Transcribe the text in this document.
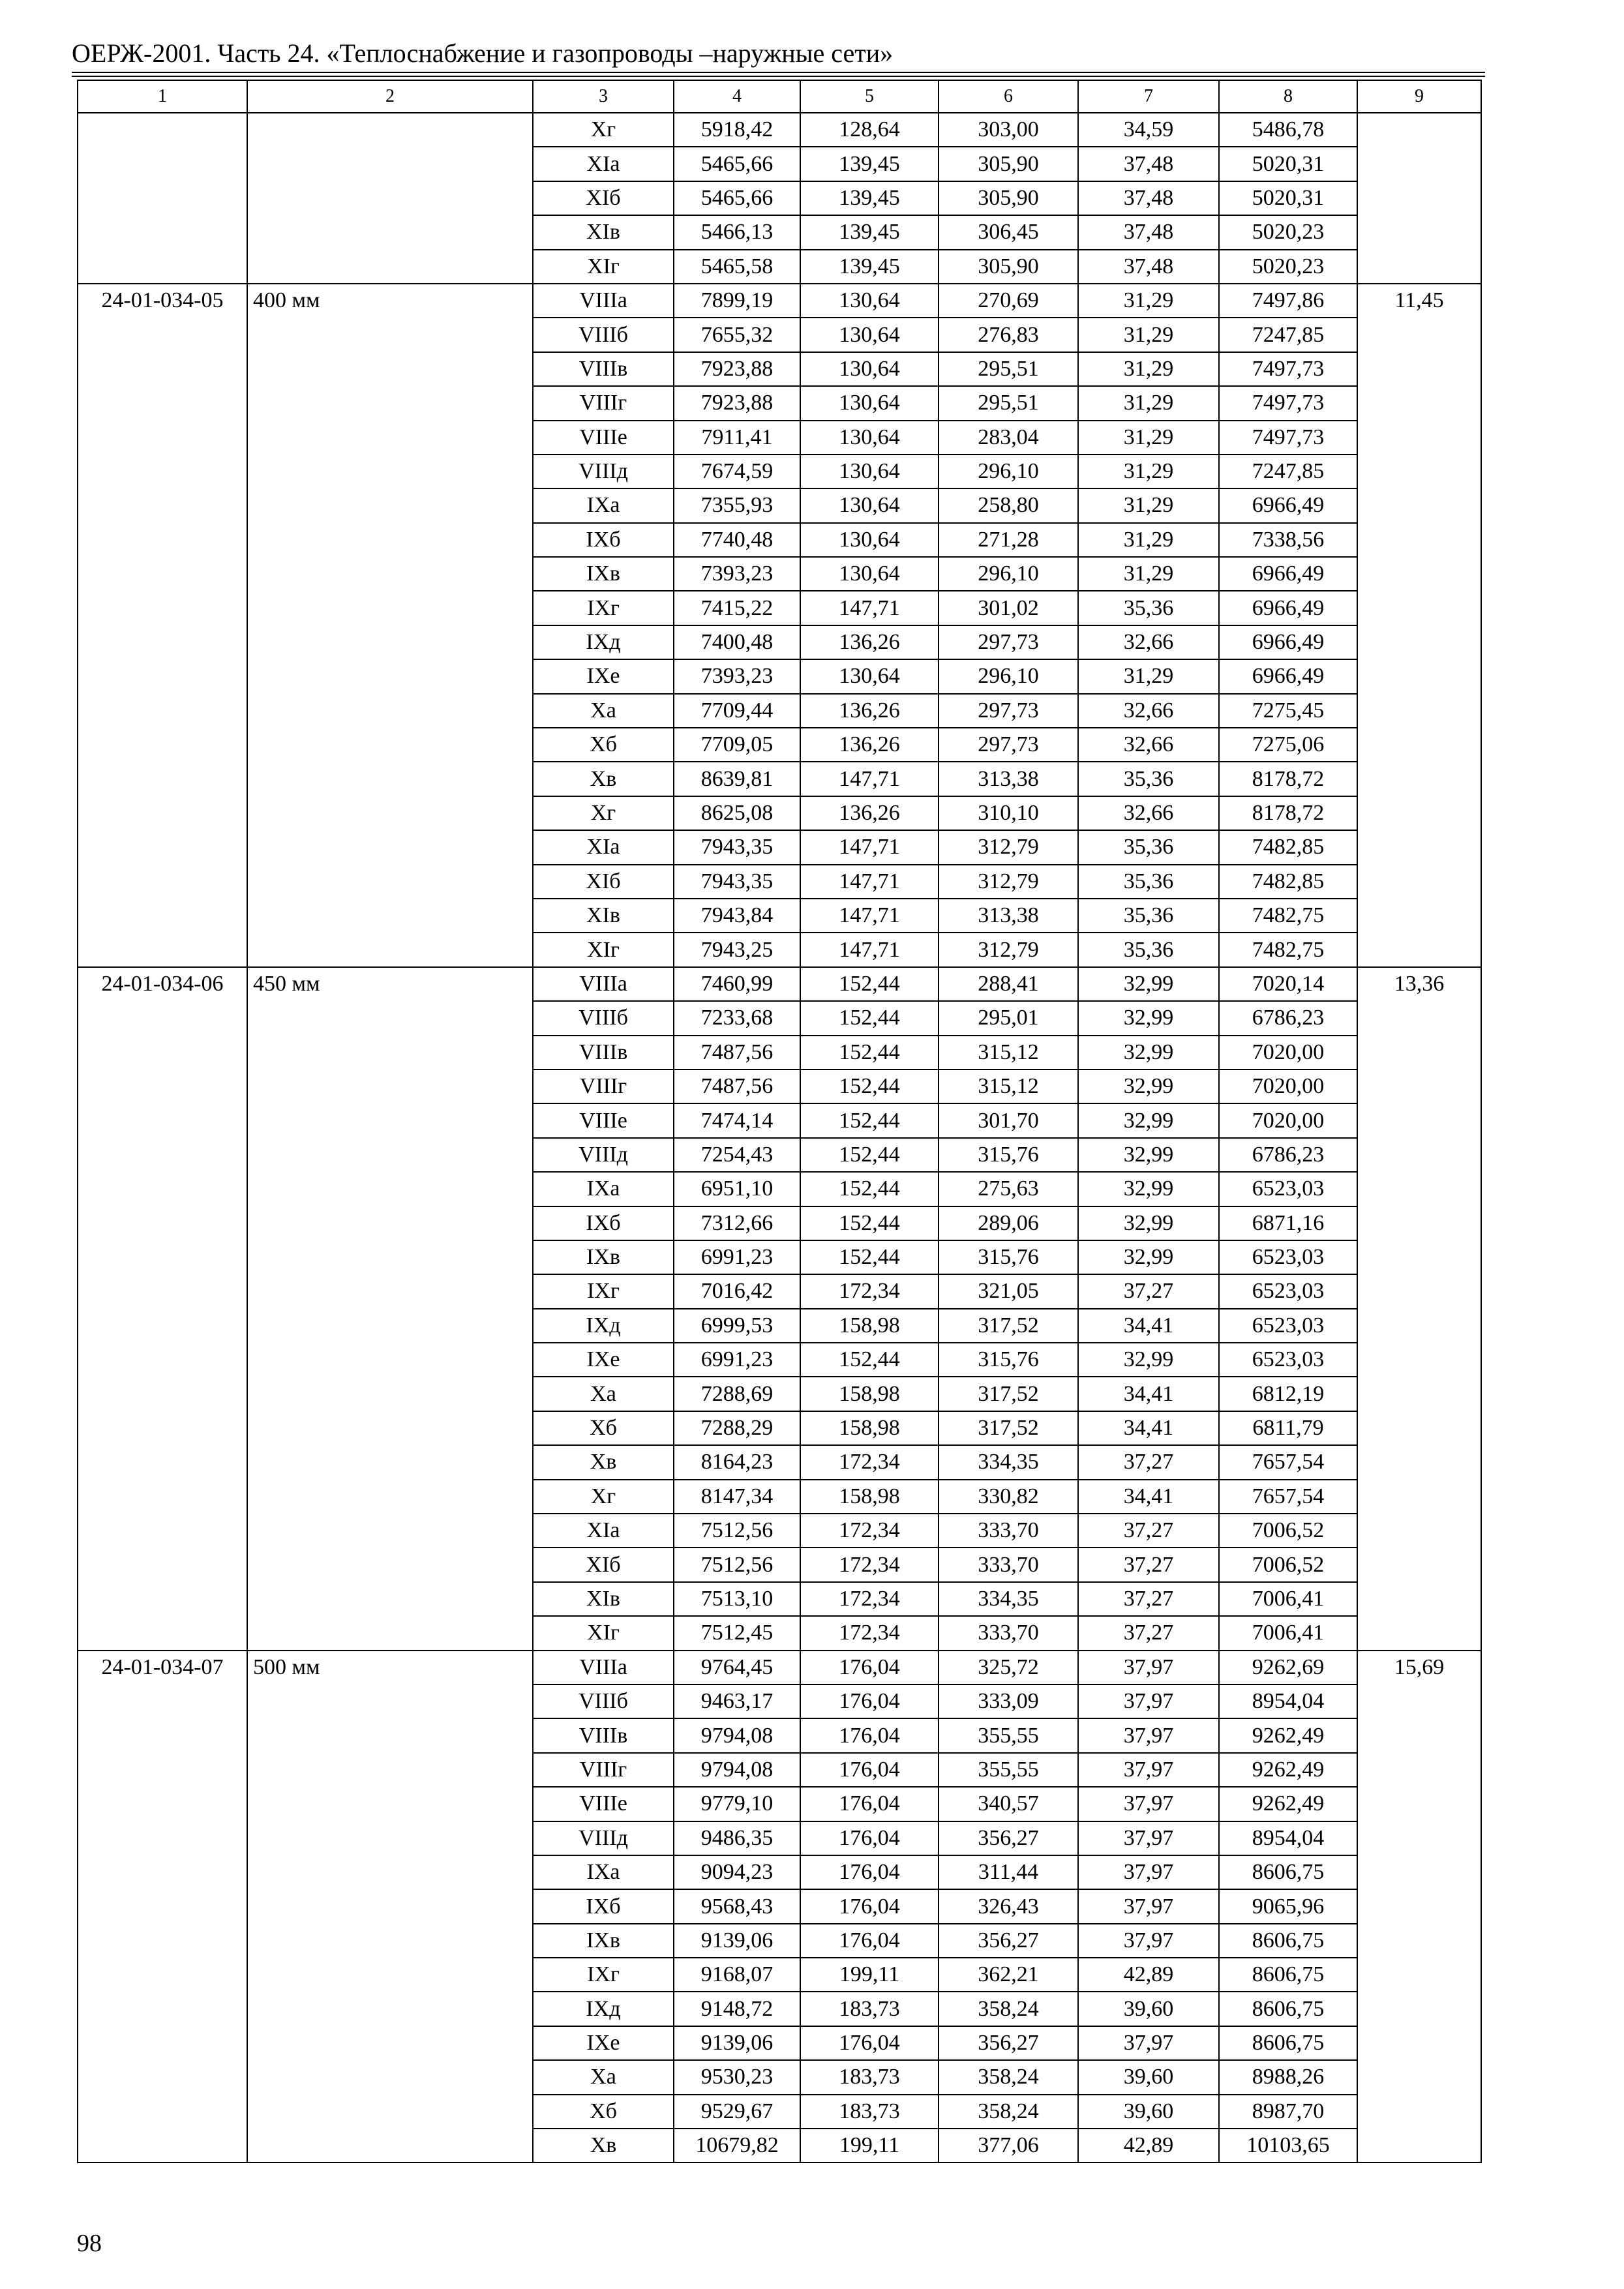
ОЕРЖ-2001. Часть 24. «Теплоснабжение и газопроводы –наружные сети»
1	2	3	4	5	6	7	8	9
		Xг	5918,42	128,64	303,00	34,59	5486,78	
		XIа	5465,66	139,45	305,90	37,48	5020,31	
		XIб	5465,66	139,45	305,90	37,48	5020,31	
		XIв	5466,13	139,45	306,45	37,48	5020,23	
		XIг	5465,58	139,45	305,90	37,48	5020,23	
24-01-034-05	400 мм	VIIIа	7899,19	130,64	270,69	31,29	7497,86	11,45
		VIIIб	7655,32	130,64	276,83	31,29	7247,85	
		VIIIв	7923,88	130,64	295,51	31,29	7497,73	
		VIIIг	7923,88	130,64	295,51	31,29	7497,73	
		VIIIе	7911,41	130,64	283,04	31,29	7497,73	
		VIIIд	7674,59	130,64	296,10	31,29	7247,85	
		IXа	7355,93	130,64	258,80	31,29	6966,49	
		IXб	7740,48	130,64	271,28	31,29	7338,56	
		IXв	7393,23	130,64	296,10	31,29	6966,49	
		IXг	7415,22	147,71	301,02	35,36	6966,49	
		IXд	7400,48	136,26	297,73	32,66	6966,49	
		IXе	7393,23	130,64	296,10	31,29	6966,49	
		Xа	7709,44	136,26	297,73	32,66	7275,45	
		Xб	7709,05	136,26	297,73	32,66	7275,06	
		Xв	8639,81	147,71	313,38	35,36	8178,72	
		Xг	8625,08	136,26	310,10	32,66	8178,72	
		XIа	7943,35	147,71	312,79	35,36	7482,85	
		XIб	7943,35	147,71	312,79	35,36	7482,85	
		XIв	7943,84	147,71	313,38	35,36	7482,75	
		XIг	7943,25	147,71	312,79	35,36	7482,75	
24-01-034-06	450 мм	VIIIа	7460,99	152,44	288,41	32,99	7020,14	13,36
		VIIIб	7233,68	152,44	295,01	32,99	6786,23	
		VIIIв	7487,56	152,44	315,12	32,99	7020,00	
		VIIIг	7487,56	152,44	315,12	32,99	7020,00	
		VIIIе	7474,14	152,44	301,70	32,99	7020,00	
		VIIIд	7254,43	152,44	315,76	32,99	6786,23	
		IXа	6951,10	152,44	275,63	32,99	6523,03	
		IXб	7312,66	152,44	289,06	32,99	6871,16	
		IXв	6991,23	152,44	315,76	32,99	6523,03	
		IXг	7016,42	172,34	321,05	37,27	6523,03	
		IXд	6999,53	158,98	317,52	34,41	6523,03	
		IXе	6991,23	152,44	315,76	32,99	6523,03	
		Xа	7288,69	158,98	317,52	34,41	6812,19	
		Xб	7288,29	158,98	317,52	34,41	6811,79	
		Xв	8164,23	172,34	334,35	37,27	7657,54	
		Xг	8147,34	158,98	330,82	34,41	7657,54	
		XIа	7512,56	172,34	333,70	37,27	7006,52	
		XIб	7512,56	172,34	333,70	37,27	7006,52	
		XIв	7513,10	172,34	334,35	37,27	7006,41	
		XIг	7512,45	172,34	333,70	37,27	7006,41	
24-01-034-07	500 мм	VIIIа	9764,45	176,04	325,72	37,97	9262,69	15,69
		VIIIб	9463,17	176,04	333,09	37,97	8954,04	
		VIIIв	9794,08	176,04	355,55	37,97	9262,49	
		VIIIг	9794,08	176,04	355,55	37,97	9262,49	
		VIIIе	9779,10	176,04	340,57	37,97	9262,49	
		VIIIд	9486,35	176,04	356,27	37,97	8954,04	
		IXа	9094,23	176,04	311,44	37,97	8606,75	
		IXб	9568,43	176,04	326,43	37,97	9065,96	
		IXв	9139,06	176,04	356,27	37,97	8606,75	
		IXг	9168,07	199,11	362,21	42,89	8606,75	
		IXд	9148,72	183,73	358,24	39,60	8606,75	
		IXе	9139,06	176,04	356,27	37,97	8606,75	
		Xа	9530,23	183,73	358,24	39,60	8988,26	
		Xб	9529,67	183,73	358,24	39,60	8987,70	
		Xв	10679,82	199,11	377,06	42,89	10103,65	
98
